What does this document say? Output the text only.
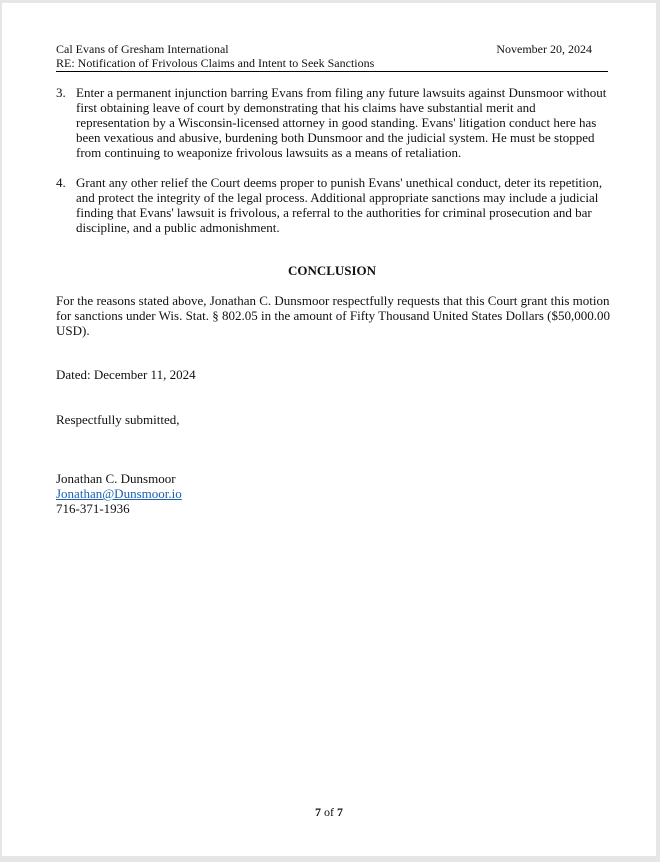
Cal Evans of Gresham International	November 20, 2024
RE: Notification of Frivolous Claims and Intent to Seek Sanctions
3. Enter a permanent injunction barring Evans from filing any future lawsuits against Dunsmoor without first obtaining leave of court by demonstrating that his claims have substantial merit and representation by a Wisconsin-licensed attorney in good standing. Evans' litigation conduct here has been vexatious and abusive, burdening both Dunsmoor and the judicial system. He must be stopped from continuing to weaponize frivolous lawsuits as a means of retaliation.
4. Grant any other relief the Court deems proper to punish Evans' unethical conduct, deter its repetition, and protect the integrity of the legal process. Additional appropriate sanctions may include a judicial finding that Evans' lawsuit is frivolous, a referral to the authorities for criminal prosecution and bar discipline, and a public admonishment.
CONCLUSION
For the reasons stated above, Jonathan C. Dunsmoor respectfully requests that this Court grant this motion for sanctions under Wis. Stat. § 802.05 in the amount of Fifty Thousand United States Dollars ($50,000.00 USD).
Dated: December 11, 2024
Respectfully submitted,
Jonathan C. Dunsmoor
Jonathan@Dunsmoor.io
716-371-1936
7 of 7
